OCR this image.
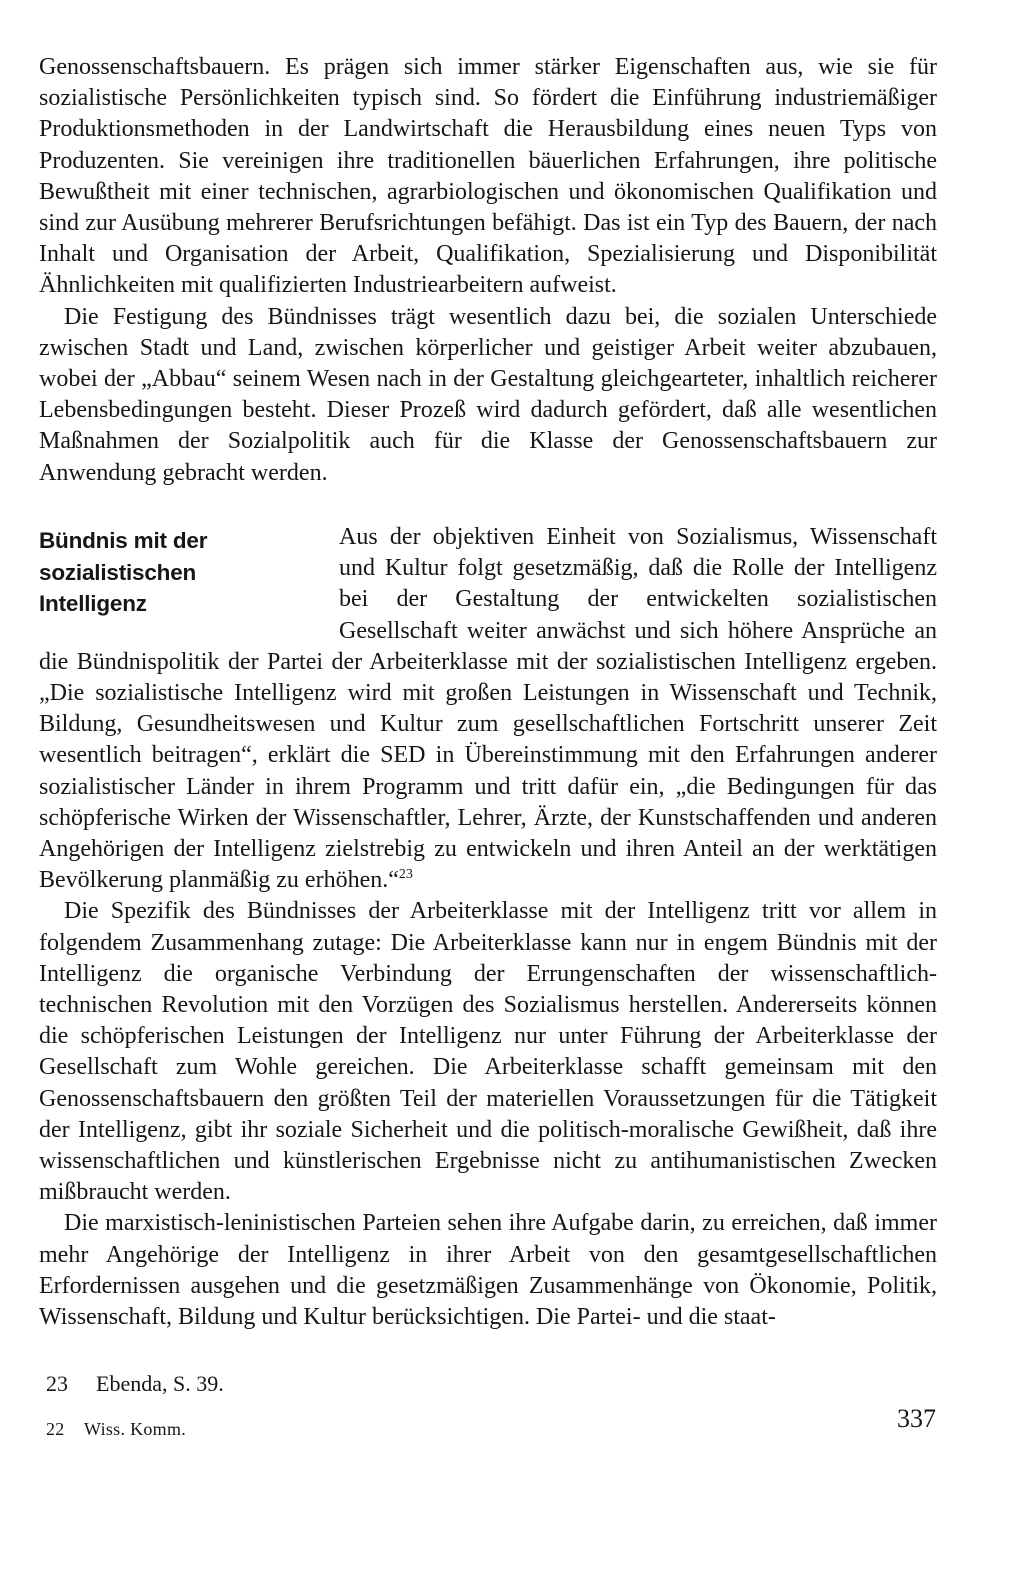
Genossenschaftsbauern. Es prägen sich immer stärker Eigenschaften aus, wie sie für sozialistische Persönlichkeiten typisch sind. So fördert die Einführung industriemäßiger Produktionsmethoden in der Landwirtschaft die Herausbildung eines neuen Typs von Produzenten. Sie vereinigen ihre traditionellen bäuerlichen Erfahrungen, ihre politische Bewußtheit mit einer technischen, agrarbiologischen und ökonomischen Qualifikation und sind zur Ausübung mehrerer Berufsrichtungen befähigt. Das ist ein Typ des Bauern, der nach Inhalt und Organisation der Arbeit, Qualifikation, Spezialisierung und Disponibilität Ähnlichkeiten mit qualifizierten Industriearbeitern aufweist.

Die Festigung des Bündnisses trägt wesentlich dazu bei, die sozialen Unterschiede zwischen Stadt und Land, zwischen körperlicher und geistiger Arbeit weiter abzubauen, wobei der „Abbau“ seinem Wesen nach in der Gestaltung gleichgearteter, inhaltlich reicherer Lebensbedingungen besteht. Dieser Prozeß wird dadurch gefördert, daß alle wesentlichen Maßnahmen der Sozialpolitik auch für die Klasse der Genossenschaftsbauern zur Anwendung gebracht werden.

Bündnis mit der
sozialistischen
Intelligenz

Aus der objektiven Einheit von Sozialismus, Wissenschaft und Kultur folgt gesetzmäßig, daß die Rolle der Intelligenz bei der Gestaltung der entwickelten sozialistischen Gesellschaft weiter anwächst und sich höhere Ansprüche an die Bündnispolitik der Partei der Arbeiterklasse mit der sozialistischen Intelligenz ergeben. „Die sozialistische Intelligenz wird mit großen Leistungen in Wissenschaft und Technik, Bildung, Gesundheitswesen und Kultur zum gesellschaftlichen Fortschritt unserer Zeit wesentlich beitragen“, erklärt die SED in Übereinstimmung mit den Erfahrungen anderer sozialistischer Länder in ihrem Programm und tritt dafür ein, „die Bedingungen für das schöpferische Wirken der Wissenschaftler, Lehrer, Ärzte, der Kunstschaffenden und anderen Angehörigen der Intelligenz zielstrebig zu entwickeln und ihren Anteil an der werktätigen Bevölkerung planmäßig zu erhöhen.“$^{23}$

Die Spezifik des Bündnisses der Arbeiterklasse mit der Intelligenz tritt vor allem in folgendem Zusammenhang zutage: Die Arbeiterklasse kann nur in engem Bündnis mit der Intelligenz die organische Verbindung der Errungenschaften der wissenschaftlich-technischen Revolution mit den Vorzügen des Sozialismus herstellen. Andererseits können die schöpferischen Leistungen der Intelligenz nur unter Führung der Arbeiterklasse der Gesellschaft zum Wohle gereichen. Die Arbeiterklasse schafft gemeinsam mit den Genossenschaftsbauern den größten Teil der materiellen Voraussetzungen für die Tätigkeit der Intelligenz, gibt ihr soziale Sicherheit und die politisch-moralische Gewißheit, daß ihre wissenschaftlichen und künstlerischen Ergebnisse nicht zu antihumanistischen Zwecken mißbraucht werden.

Die marxistisch-leninistischen Parteien sehen ihre Aufgabe darin, zu erreichen, daß immer mehr Angehörige der Intelligenz in ihrer Arbeit von den gesamtgesellschaftlichen Erfordernissen ausgehen und die gesetzmäßigen Zusammenhänge von Ökonomie, Politik, Wissenschaft, Bildung und Kultur berücksichtigen. Die Partei- und die staat-

23 Ebenda, S. 39.

22 Wiss. Komm.	337
